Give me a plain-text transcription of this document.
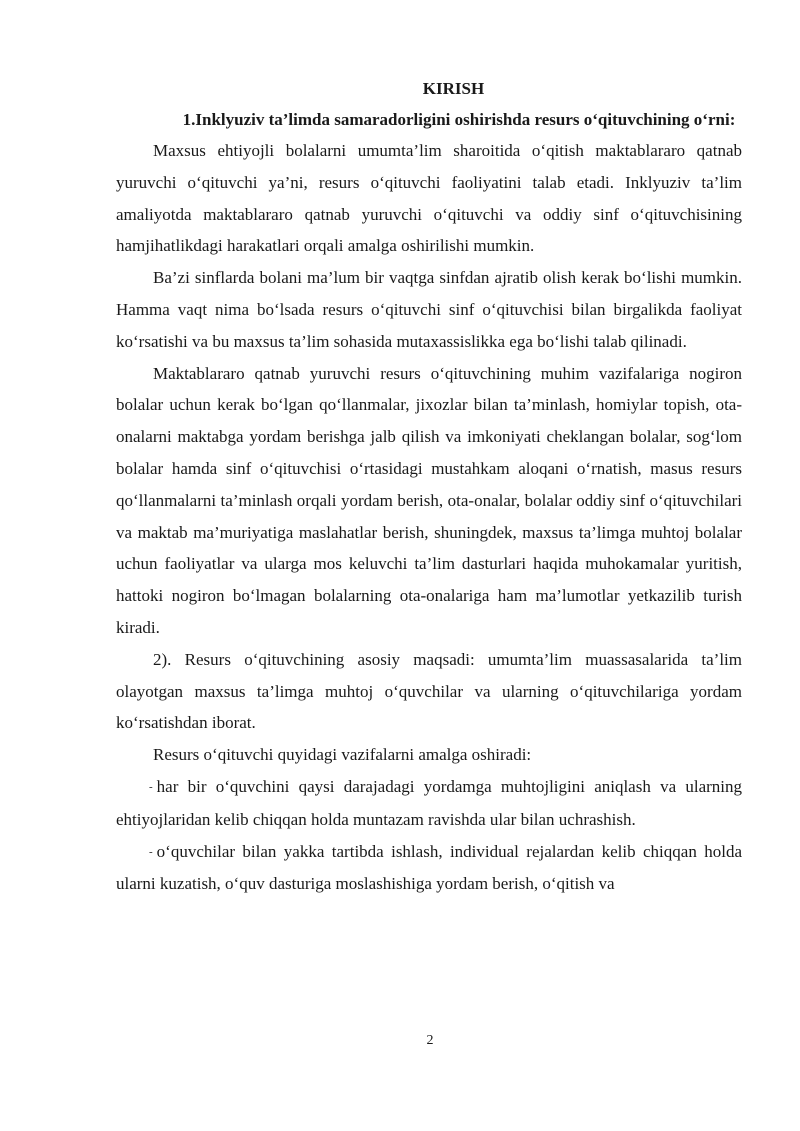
KIRISH

1.Inklyuziv ta’limda samaradorligini oshirishda resurs o‘qituvchining o‘rni:

Maxsus ehtiyojli bolalarni umumta’lim sharoitida o‘qitish maktablararo qatnab yuruvchi o‘qituvchi ya’ni, resurs o‘qituvchi faoliyatini talab etadi. Inklyuziv ta’lim amaliyotda maktablararo qatnab yuruvchi o‘qituvchi va oddiy sinf o‘qituvchisining hamjihatlikdagi harakatlari orqali amalga oshirilishi mumkin.

Ba’zi sinflarda bolani ma’lum bir vaqtga sinfdan ajratib olish kerak bo‘lishi mumkin. Hamma vaqt nima bo‘lsada resurs o‘qituvchi sinf o‘qituvchisi bilan birgalikda faoliyat ko‘rsatishi va bu maxsus ta’lim sohasida mutaxassislikka ega bo‘lishi talab qilinadi.

Maktablararo qatnab yuruvchi resurs o‘qituvchining muhim vazifalariga nogiron bolalar uchun kerak bo‘lgan qo‘llanmalar, jixozlar bilan ta’minlash, homiylar topish, ota-onalarni maktabga yordam berishga jalb qilish va imkoniyati cheklangan bolalar, sog‘lom bolalar hamda sinf o‘qituvchisi o‘rtasidagi mustahkam aloqani o‘rnatish, masus resurs qo‘llanmalarni ta’minlash orqali yordam berish, ota-onalar, bolalar oddiy sinf o‘qituvchilari va maktab ma’muriyatiga maslahatlar berish, shuningdek, maxsus ta’limga muhtoj bolalar uchun faoliyatlar va ularga mos keluvchi ta’lim dasturlari haqida muhokamalar yuritish, hattoki nogiron bo‘lmagan bolalarning ota-onalariga ham ma’lumotlar yetkazilib turish kiradi.

2). Resurs o‘qituvchining asosiy maqsadi: umumta’lim muassasalarida ta’lim olayotgan maxsus ta’limga muhtoj o‘quvchilar va ularning o‘qituvchilariga yordam ko‘rsatishdan iborat.

Resurs o‘qituvchi quyidagi vazifalarni amalga oshiradi:

- har bir o‘quvchini qaysi darajadagi yordamga muhtojligini aniqlash va ularning ehtiyojlaridan kelib chiqqan holda muntazam ravishda ular bilan uchrashish.

- o‘quvchilar bilan yakka tartibda ishlash, individual rejalardan kelib chiqqan holda ularni kuzatish, o‘quv dasturiga moslashishiga yordam berish, o‘qitish va

2
